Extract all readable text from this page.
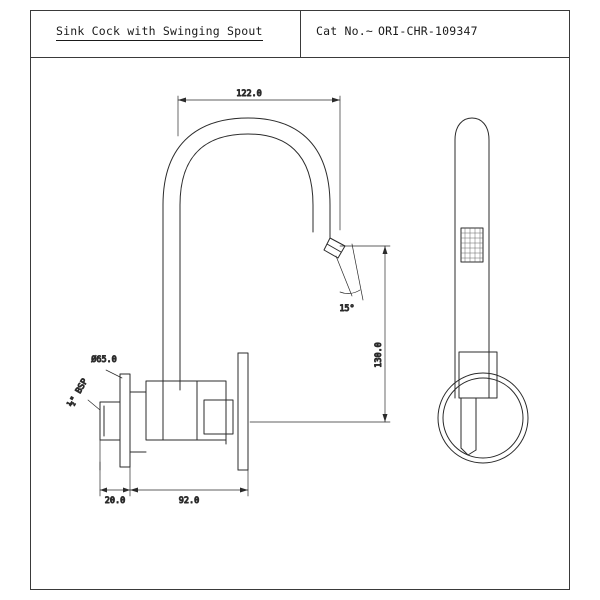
Sink Cock with Swinging Spout	Cat No.~ ORI-CHR-109347
122.0
130.0
92.0
20.0
Ø65.0
½" BSP
15°
